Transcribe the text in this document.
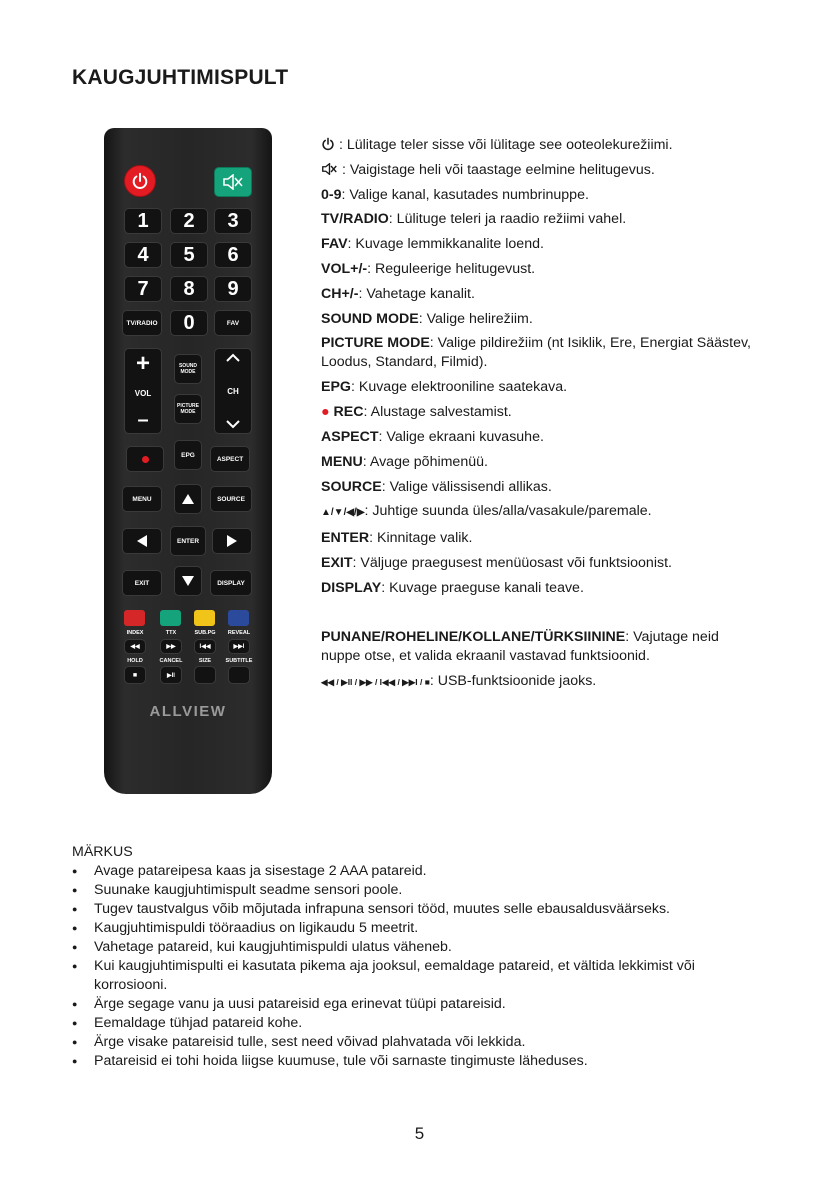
KAUGJUHTIMISPULT
1	2	3
4	5	6
7	8	9
TV/RADIO	0	FAV
+
VOL
–
SOUND MODE
PICTURE MODE
CH
EPG
ASPECT
MENU	SOURCE
ENTER
EXIT	DISPLAY
INDEX	TTX	SUB.PG	REVEAL
◀◀	▶▶	I◀◀	▶▶I
HOLD	CANCEL	SIZE	SUBTITLE
■	▶II
ALLVIEW

: Lülitage teler sisse või lülitage see ooteolekurežiimi.

: Vaigistage heli või taastage eelmine helitugevus.

0-9: Valige kanal, kasutades numbrinuppe.

TV/RADIO: Lülituge teleri ja raadio režiimi vahel.

FAV: Kuvage lemmikkanalite loend.

VOL+/-: Reguleerige helitugevust.

CH+/-: Vahetage kanalit.

SOUND MODE: Valige helirežiim.

PICTURE MODE: Valige pildirežiim (nt Isiklik, Ere, Energiat Säästev, Loodus, Standard, Filmid).

EPG: Kuvage elektrooniline saatekava.

● REC: Alustage salvestamist.

ASPECT: Valige ekraani kuvasuhe.

MENU: Avage põhimenüü.

SOURCE: Valige välissisendi allikas.

▲/▼/◀/▶: Juhtige suunda üles/alla/vasakule/paremale.

ENTER: Kinnitage valik.

EXIT: Väljuge praegusest menüüosast või funktsioonist.

DISPLAY: Kuvage praeguse kanali teave.

PUNANE/ROHELINE/KOLLANE/TÜRKSIININE: Vajutage neid nuppe otse, et valida ekraanil vastavad funktsioonid.

◀◀ / ▶II / ▶▶ / I◀◀ / ▶▶I / ■: USB-funktsioonide jaoks.

MÄRKUS
● Avage patareipesa kaas ja sisestage 2 AAA patareid.
● Suunake kaugjuhtimispult seadme sensori poole.
● Tugev taustvalgus võib mõjutada infrapuna sensori tööd, muutes selle ebausaldusväärseks.
● Kaugjuhtimispuldi tööraadius on ligikaudu 5 meetrit.
● Vahetage patareid, kui kaugjuhtimispuldi ulatus väheneb.
● Kui kaugjuhtimispulti ei kasutata pikema aja jooksul, eemaldage patareid, et vältida lekkimist või korrosiooni.
● Ärge segage vanu ja uusi patareisid ega erinevat tüüpi patareisid.
● Eemaldage tühjad patareid kohe.
● Ärge visake patareisid tulle, sest need võivad plahvatada või lekkida.
● Patareisid ei tohi hoida liigse kuumuse, tule või sarnaste tingimuste läheduses.
5
